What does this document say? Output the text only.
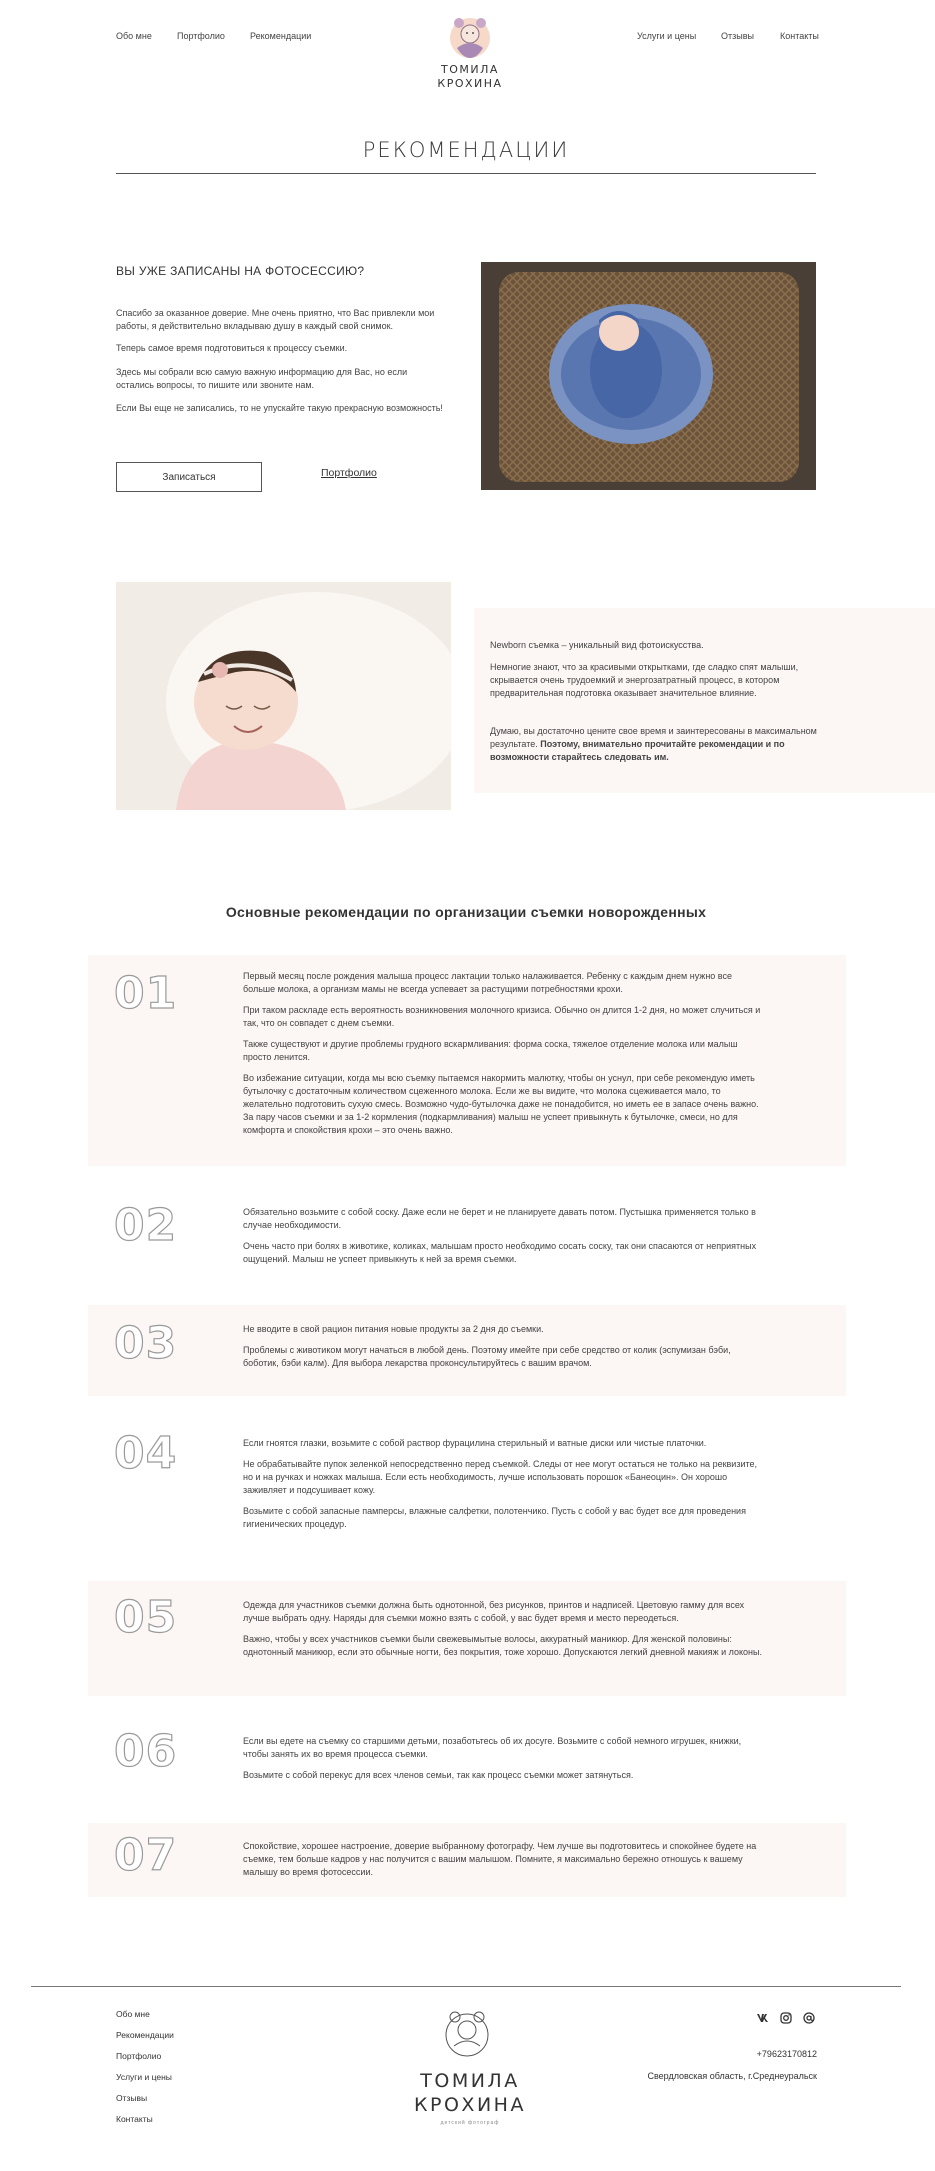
Обо мне	Портфолио	Рекомендации	Услуги и цены	Отзывы	Контакты
ТОМИЛА
КРОХИНА
РЕКОМЕНДАЦИИ
ВЫ УЖЕ ЗАПИСАНЫ НА ФОТОСЕССИЮ?

Спасибо за оказанное доверие. Мне очень приятно, что Вас привлекли мои работы, я действительно вкладываю душу в каждый свой снимок.

Теперь самое время подготовиться к процессу съемки.

Здесь мы собрали всю самую важную информацию для Вас, но если остались вопросы, то пишите или звоните нам.

Если Вы еще не записались, то не упускайте такую прекрасную возможность!

Записаться	Портфолио

Newborn съемка – уникальный вид фотоискусства.

Немногие знают, что за красивыми открытками, где сладко спят малыши, скрывается очень трудоемкий и энергозатратный процесс, в котором предварительная подготовка оказывает значительное влияние.

Думаю, вы достаточно цените свое время и заинтересованы в максимальном результате. Поэтому, внимательно прочитайте рекомендации и по возможности старайтесь следовать им.

Основные рекомендации по организации съемки новорожденных
01	Первый месяц после рождения малыша процесс лактации только налаживается. Ребенку с каждым днем нужно все больше молока, а организм мамы не всегда успевает за растущими потребностями крохи.

При таком раскладе есть вероятность возникновения молочного кризиса. Обычно он длится 1-2 дня, но может случиться и так, что он совпадет с днем съемки.

Также существуют и другие проблемы грудного вскармливания: форма соска, тяжелое отделение молока или малыш просто ленится.

Во избежание ситуации, когда мы всю съемку пытаемся накормить малютку, чтобы он уснул, при себе рекомендую иметь бутылочку с достаточным количеством сцеженного молока. Если же вы видите, что молока сцеживается мало, то желательно подготовить сухую смесь. Возможно чудо-бутылочка даже не понадобится, но иметь ее в запасе очень важно. За пару часов съемки и за 1-2 кормления (подкармливания) малыш не успеет привыкнуть к бутылочке, смеси, но для комфорта и спокойствия крохи – это очень важно.

02	Обязательно возьмите с собой соску. Даже если не берет и не планируете давать потом. Пустышка применяется только в случае необходимости.

Очень часто при болях в животике, коликах, малышам просто необходимо сосать соску, так они спасаются от неприятных ощущений. Малыш не успеет привыкнуть к ней за время съемки.

03	Не вводите в свой рацион питания новые продукты за 2 дня до съемки.

Проблемы с животиком могут начаться в любой день. Поэтому имейте при себе средство от колик (эспумизан бэби, боботик, бэби калм). Для выбора лекарства проконсультируйтесь с вашим врачом.

04	Если гноятся глазки, возьмите с собой раствор фурацилина стерильный и ватные диски или чистые платочки.

Не обрабатывайте пупок зеленкой непосредственно перед съемкой. Следы от нее могут остаться не только на реквизите, но и на ручках и ножках малыша. Если есть необходимость, лучше использовать порошок «Банеоцин». Он хорошо заживляет и подсушивает кожу.

Возьмите с собой запасные памперсы, влажные салфетки, полотенчико. Пусть с собой у вас будет все для проведения гигиенических процедур.

05	Одежда для участников съемки должна быть однотонной, без рисунков, принтов и надписей. Цветовую гамму для всех лучше выбрать одну. Наряды для съемки можно взять с собой, у вас будет время и место переодеться.

Важно, чтобы у всех участников съемки были свежевымытые волосы, аккуратный маникюр. Для женской половины: однотонный маникюр, если это обычные ногти, без покрытия, тоже хорошо. Допускаются легкий дневной макияж и локоны.

06	Если вы едете на съемку со старшими детьми, позаботьтесь об их досуге. Возьмите с собой немного игрушек, книжки, чтобы занять их во время процесса съемки.

Возьмите с собой перекус для всех членов семьи, так как процесс съемки может затянуться.

07	Спокойствие, хорошее настроение, доверие выбранному фотографу. Чем лучше вы подготовитесь и спокойнее будете на съемке, тем больше кадров у нас получится с вашим малышом. Помните, я максимально бережно отношусь к вашему малышу во время фотосессии.

Обо мне
Рекомендации
Портфолио
Услуги и цены
Отзывы
Контакты
ТОМИЛА
КРОХИНА
детский фотограф
+79623170812
Свердловская область, г.Среднеуральск
